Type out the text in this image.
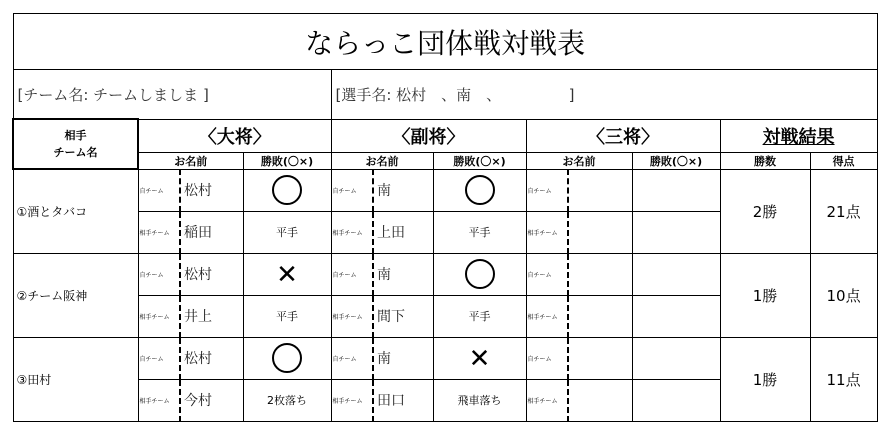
ならっこ団体戦対戦表											
[チーム名: チームしましま ]				[選手名: 松村　、南　、　　　　　]							

相手
チーム名	〈大将〉			〈副将〉			〈三将〉			対戦結果	
	お名前		勝敗(〇×)	お名前		勝敗(〇×)	お名前		勝敗(〇×)	勝数	得点
①酒とタバコ	自チーム	松村		自チーム	南		自チーム			2勝	21点
	相手チーム	稲田	平手	相手チーム	上田	平手	相手チーム				
②チーム阪神	自チーム	松村	✕	自チーム	南		自チーム			1勝	10点
	相手チーム	井上	平手	相手チーム	間下	平手	相手チーム				
③田村	自チーム	松村		自チーム	南	✕	自チーム			1勝	11点
	相手チーム	今村	2枚落ち	相手チーム	田口	飛車落ち	相手チーム				
